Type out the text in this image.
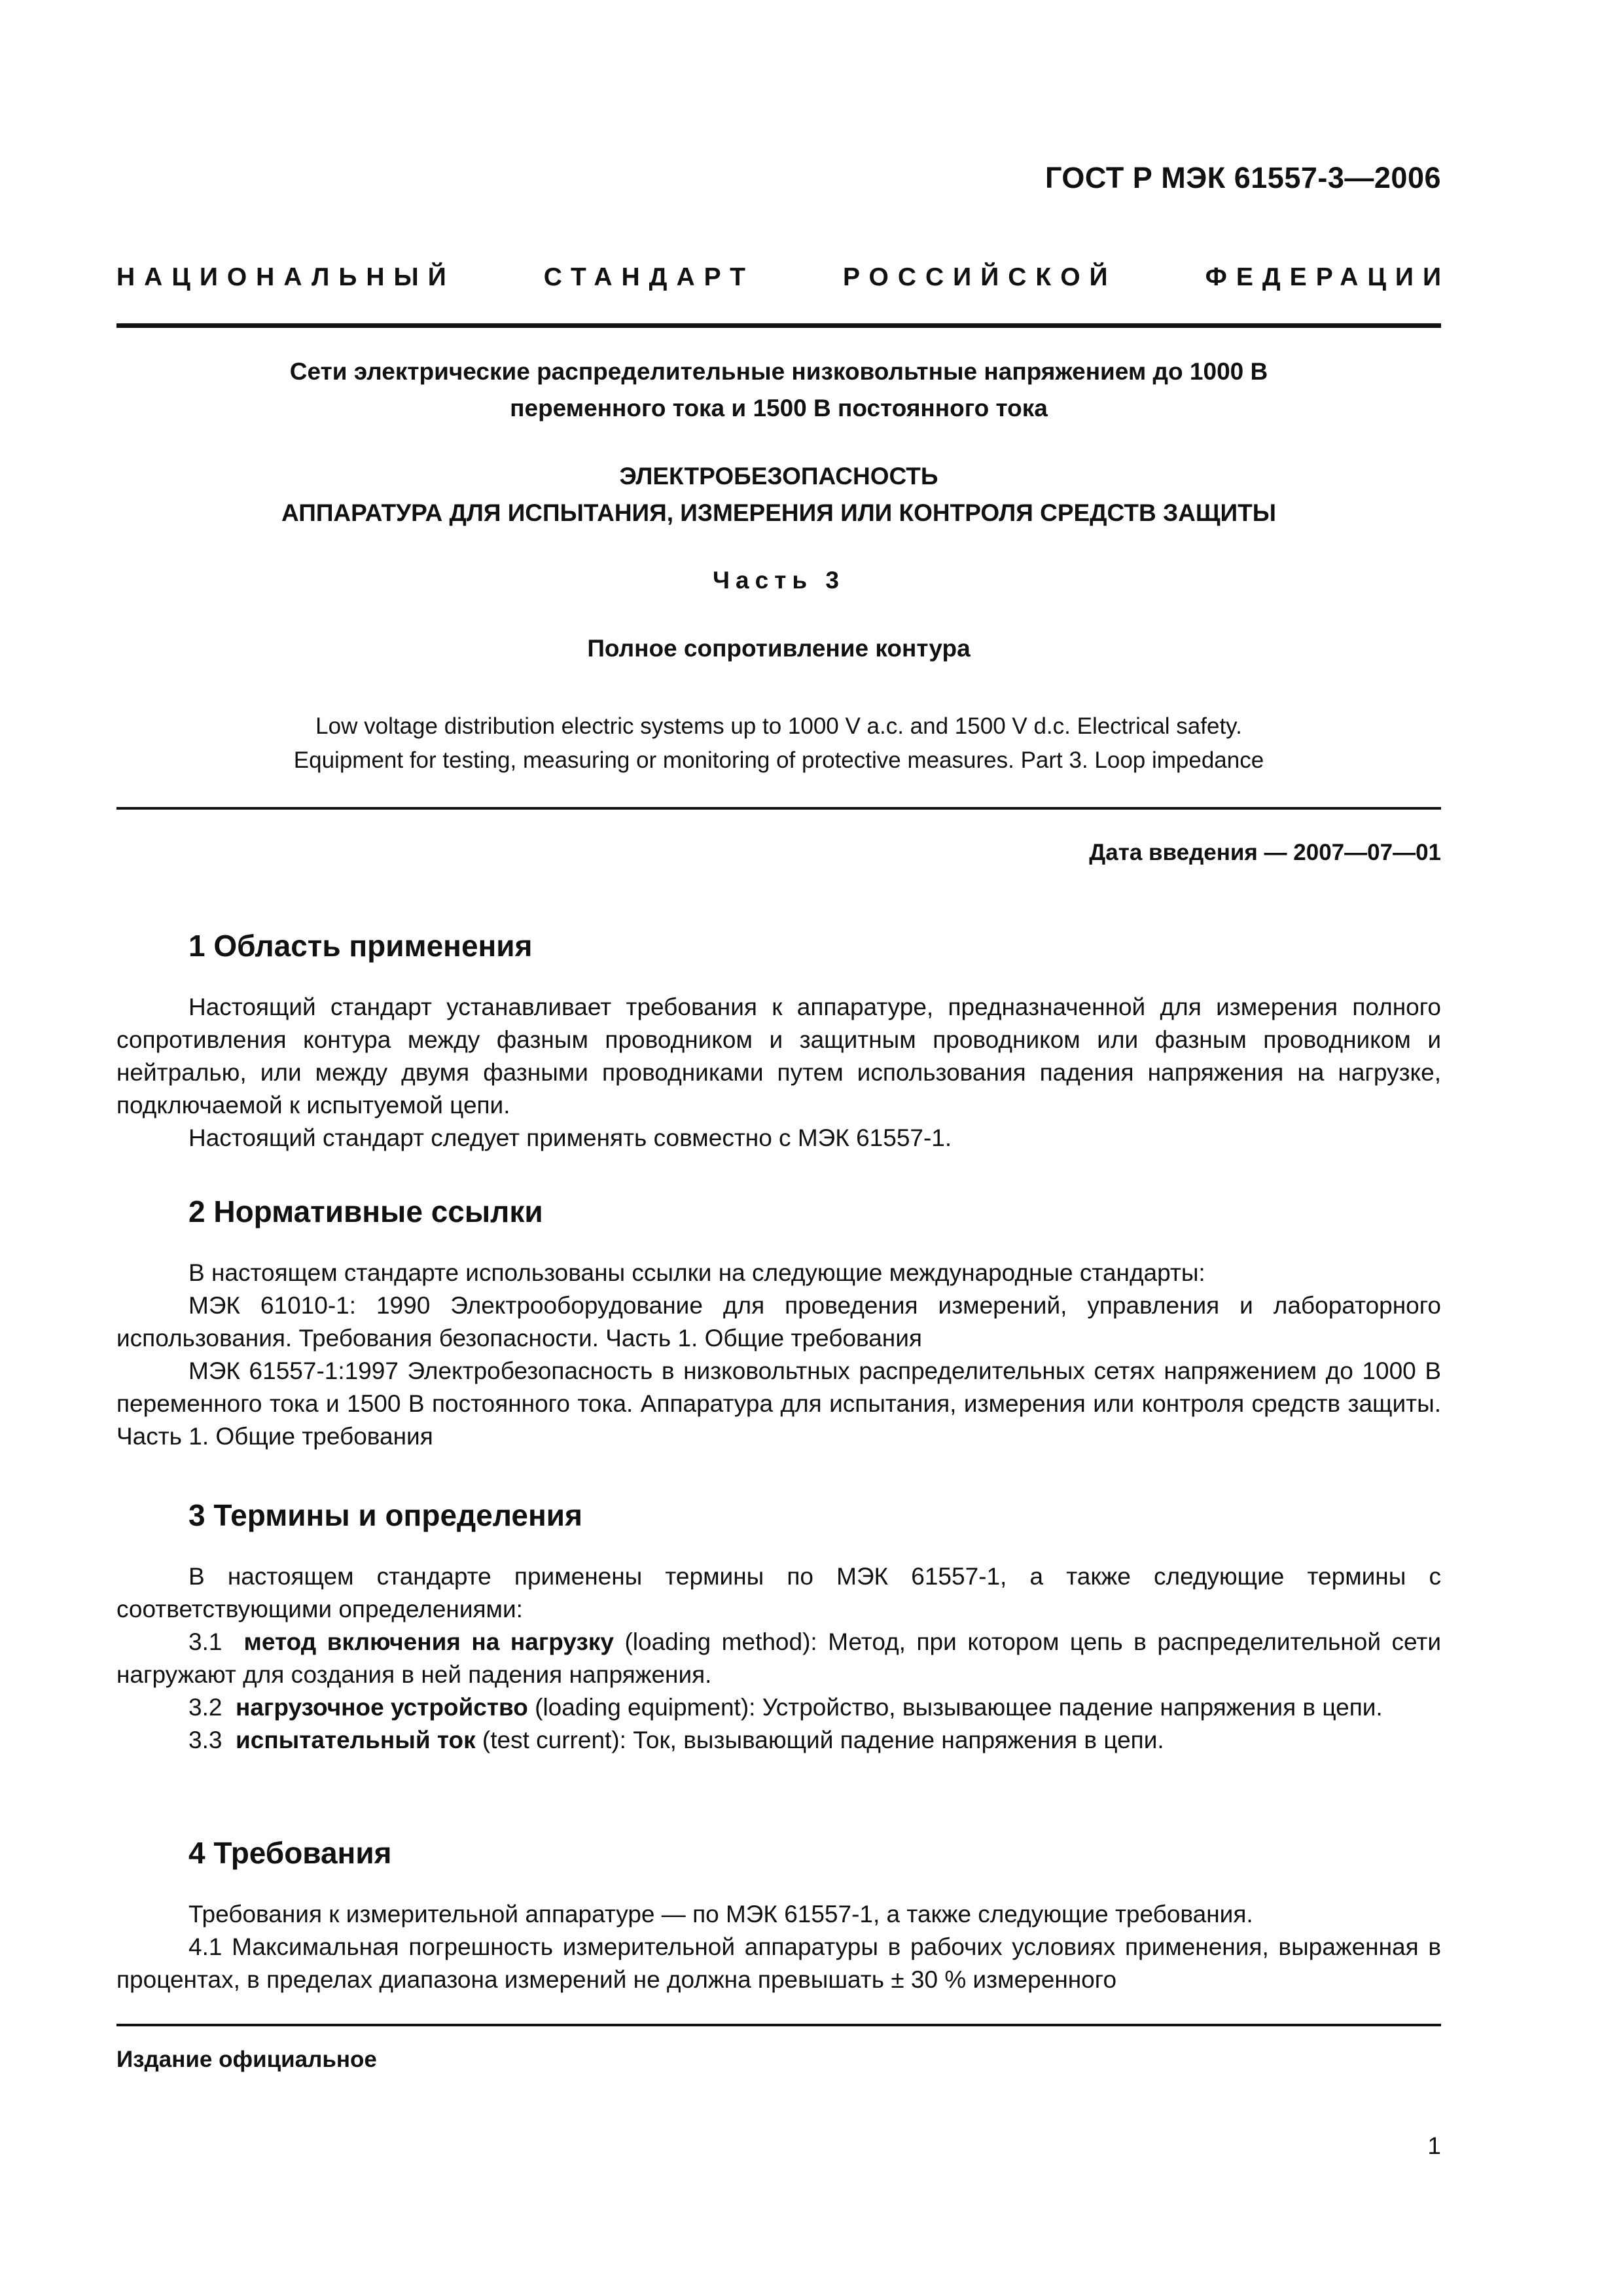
ГОСТ Р МЭК 61557-3—2006
НАЦИОНАЛЬНЫЙ	СТАНДАРТ	РОССИЙСКОЙ	ФЕДЕРАЦИИ
Сети электрические распределительные низковольтные напряжением до 1000 В
переменного тока и 1500 В постоянного тока
ЭЛЕКТРОБЕЗОПАСНОСТЬ
АППАРАТУРА ДЛЯ ИСПЫТАНИЯ, ИЗМЕРЕНИЯ ИЛИ КОНТРОЛЯ СРЕДСТВ ЗАЩИТЫ
Часть 3
Полное сопротивление контура
Low voltage distribution electric systems up to 1000 V a.c. and 1500 V d.c. Electrical safety.
Equipment for testing, measuring or monitoring of protective measures. Part 3. Loop impedance
Дата введения — 2007—07—01
1 Область применения

Настоящий стандарт устанавливает требования к аппаратуре, предназначенной для измерения полного сопротивления контура между фазным проводником и защитным проводником или фазным проводником и нейтралью, или между двумя фазными проводниками путем использования падения напряжения на нагрузке, подключаемой к испытуемой цепи.

Настоящий стандарт следует применять совместно с МЭК 61557-1.

2 Нормативные ссылки

В настоящем стандарте использованы ссылки на следующие международные стандарты:

МЭК 61010-1: 1990 Электрооборудование для проведения измерений, управления и лабораторного использования. Требования безопасности. Часть 1. Общие требования

МЭК 61557-1:1997 Электробезопасность в низковольтных распределительных сетях напряжением до 1000 В переменного тока и 1500 В постоянного тока. Аппаратура для испытания, измерения или контроля средств защиты. Часть 1. Общие требования

3 Термины и определения

В настоящем стандарте применены термины по МЭК 61557-1, а также следующие термины с соответствующими определениями:

3.1 метод включения на нагрузку (loading method): Метод, при котором цепь в распределительной сети нагружают для создания в ней падения напряжения.

3.2 нагрузочное устройство (loading equipment): Устройство, вызывающее падение напряжения в цепи.

3.3 испытательный ток (test current): Ток, вызывающий падение напряжения в цепи.

4 Требования

Требования к измерительной аппаратуре — по МЭК 61557-1, а также следующие требования.

4.1 Максимальная погрешность измерительной аппаратуры в рабочих условиях применения, выраженная в процентах, в пределах диапазона измерений не должна превышать ± 30 % измеренного

Издание официальное
1
